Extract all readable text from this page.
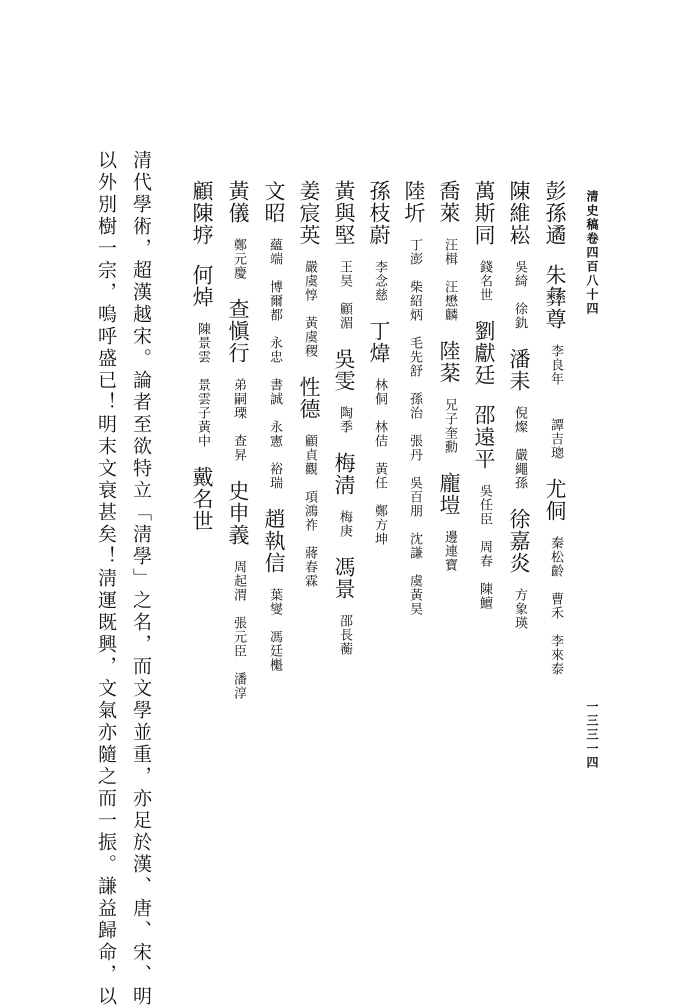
清史稿卷四百八十四
一三三一四
彭孫遹朱彝尊李良年譚吉璁尤侗秦松齡　曹禾　李來泰
陳維崧吳綺　徐釚潘耒倪燦　嚴繩孫徐嘉炎方象瑛
萬斯同錢名世劉獻廷邵遠平吳任臣　周春　陳鱣
喬萊汪楫　汪懋麟陸棻兄子奎勳龐塏邊連寶
陸圻丁澎　柴紹炳　毛先舒　孫治　張丹　吳百朋　沈謙　虞黃昊
孫枝蔚李念慈丁煒林侗　林佶　黃任　鄭方坤
黃與堅王昊　顧湄吳雯陶季梅淸梅庚馮景邵長蘅
姜宸英嚴虞惇　黃虞稷性德顧貞觀　項鴻祚　蔣春霖
文昭蘊端　博爾都　永忠　書誠　永憲　裕瑞趙執信葉燮　馮廷櫆
黃儀鄭元慶查愼行弟嗣瑮　查昇史申義周起渭　張元臣　潘淳
顧陳垿何焯陳景雲　景雲子黃中戴名世
清代學術，超漢越宋。論者至欲特立「淸學」之名，而文學並重，亦足於漢、唐、宋、明
以外別樹一宗，嗚呼盛已！明末文衰甚矣！淸運既興，文氣亦隨之而一振。謙益歸命，以
